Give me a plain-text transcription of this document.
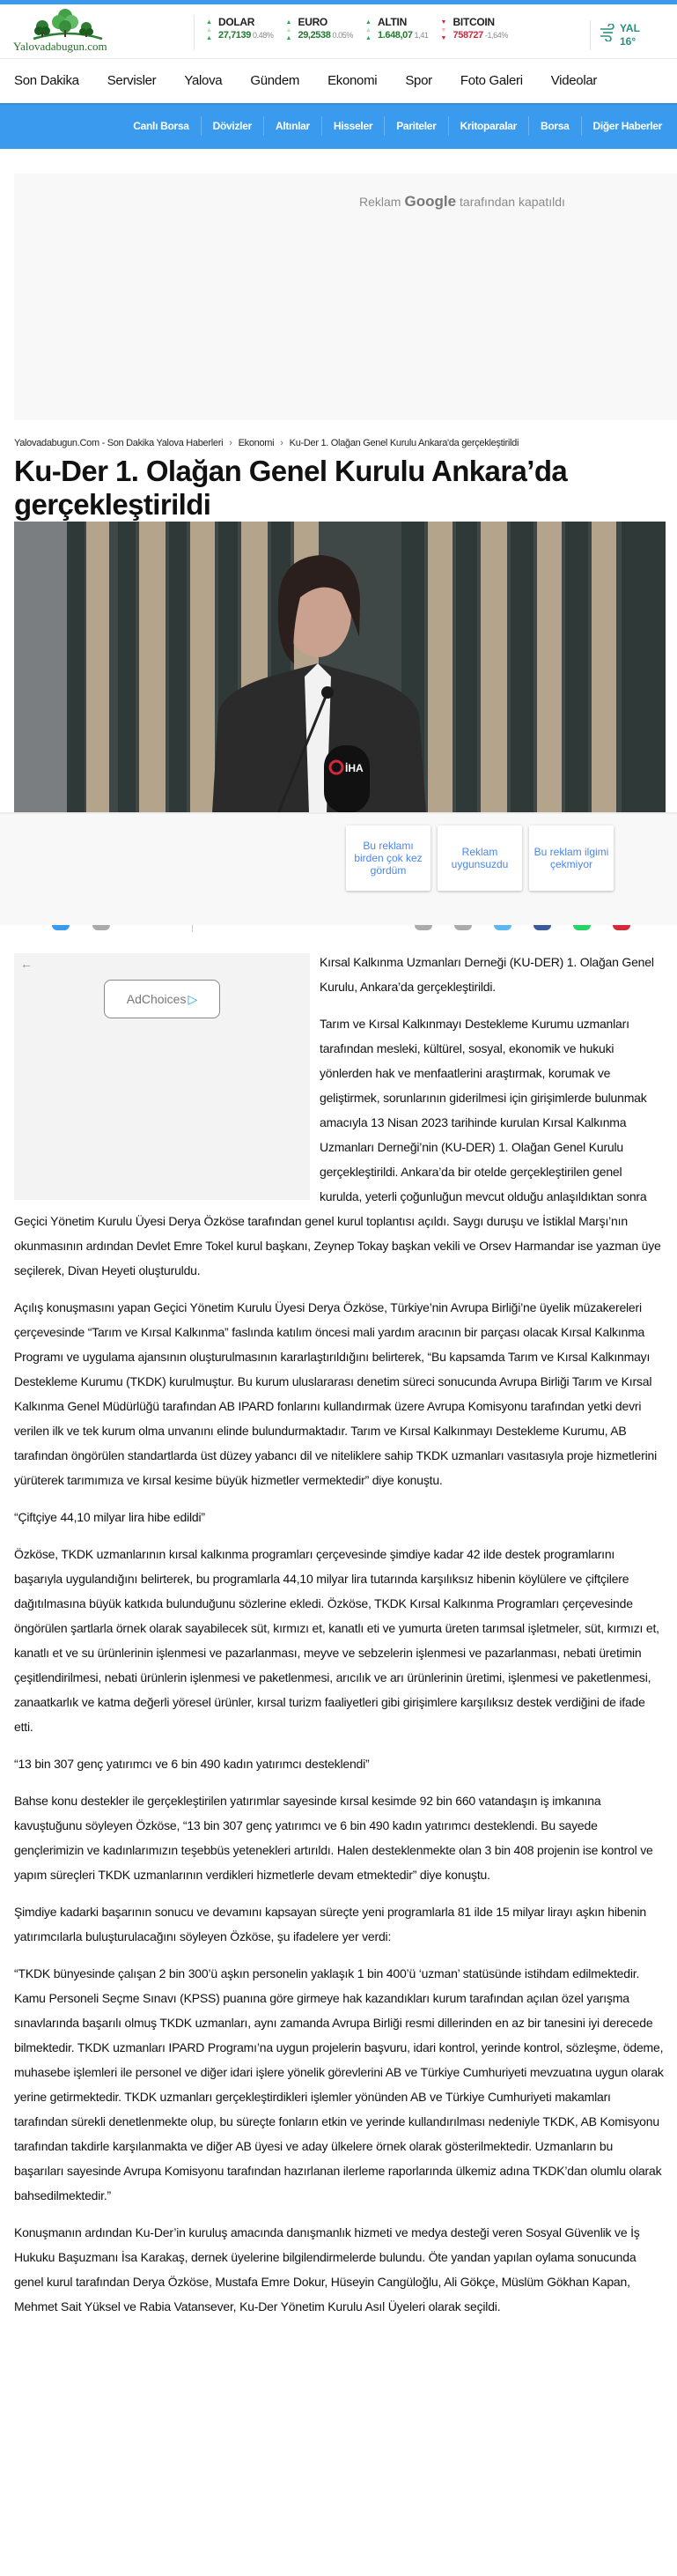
Yalovadabugun.com
▲
▲
▲
DOLAR
27,7139 0.48%
▲
▲
▲
EURO
29,2538 0.05%
▲
▲
▲
ALTIN
1.648,07 1,41
▼
▼
▼
BITCOIN
758727 -1,64%
YAL
16°
Son Dakika Servisler Yalova Gündem Ekonomi Spor Foto Galeri Videolar
Canlı Borsa	Dövizler	Altınlar	Hisseler	Pariteler	Kritoparalar	Borsa	Diğer Haberler
Reklam Google tarafından kapatıldı
Yalovadabugun.Com - Son Dakika Yalova Haberleri › Ekonomi › Ku-Der 1. Olağan Genel Kurulu Ankara'da gerçekleştirildi
Ku-Der 1. Olağan Genel Kurulu Ankara’da gerçekleştirildi
İHA
Bu reklamı birden çok kez gördüm
Reklam uygunsuzdu
Bu reklam ilgimi çekmiyor
←
AdChoices ▷

Kırsal Kalkınma Uzmanları Derneği (KU-DER) 1. Olağan Genel Kurulu, Ankara’da gerçekleştirildi.

Tarım ve Kırsal Kalkınmayı Destekleme Kurumu uzmanları tarafından mesleki, kültürel, sosyal, ekonomik ve hukuki yönlerden hak ve menfaatlerini araştırmak, korumak ve geliştirmek, sorunlarının giderilmesi için girişimlerde bulunmak amacıyla 13 Nisan 2023 tarihinde kurulan Kırsal Kalkınma Uzmanları Derneği’nin (KU-DER) 1. Olağan Genel Kurulu gerçekleştirildi. Ankara’da bir otelde gerçekleştirilen genel kurulda, yeterli çoğunluğun mevcut olduğu anlaşıldıktan sonra Geçici Yönetim Kurulu Üyesi Derya Özköse tarafından genel kurul toplantısı açıldı. Saygı duruşu ve İstiklal Marşı’nın okunmasının ardından Devlet Emre Tokel kurul başkanı, Zeynep Tokay başkan vekili ve Orsev Harmandar ise yazman üye seçilerek, Divan Heyeti oluşturuldu.

Açılış konuşmasını yapan Geçici Yönetim Kurulu Üyesi Derya Özköse, Türkiye’nin Avrupa Birliği’ne üyelik müzakereleri çerçevesinde “Tarım ve Kırsal Kalkınma” faslında katılım öncesi mali yardım aracının bir parçası olacak Kırsal Kalkınma Programı ve uygulama ajansının oluşturulmasının kararlaştırıldığını belirterek, “Bu kapsamda Tarım ve Kırsal Kalkınmayı Destekleme Kurumu (TKDK) kurulmuştur. Bu kurum uluslararası denetim süreci sonucunda Avrupa Birliği Tarım ve Kırsal Kalkınma Genel Müdürlüğü tarafından AB IPARD fonlarını kullandırmak üzere Avrupa Komisyonu tarafından yetki devri verilen ilk ve tek kurum olma unvanını elinde bulundurmaktadır. Tarım ve Kırsal Kalkınmayı Destekleme Kurumu, AB tarafından öngörülen standartlarda üst düzey yabancı dil ve niteliklere sahip TKDK uzmanları vasıtasıyla proje hizmetlerini yürüterek tarımımıza ve kırsal kesime büyük hizmetler vermektedir” diye konuştu.

“Çiftçiye 44,10 milyar lira hibe edildi”

Özköse, TKDK uzmanlarının kırsal kalkınma programları çerçevesinde şimdiye kadar 42 ilde destek programlarını başarıyla uygulandığını belirterek, bu programlarla 44,10 milyar lira tutarında karşılıksız hibenin köylülere ve çiftçilere dağıtılmasına büyük katkıda bulunduğunu sözlerine ekledi. Özköse, TKDK Kırsal Kalkınma Programları çerçevesinde öngörülen şartlarla örnek olarak sayabilecek süt, kırmızı et, kanatlı eti ve yumurta üreten tarımsal işletmeler, süt, kırmızı et, kanatlı et ve su ürünlerinin işlenmesi ve pazarlanması, meyve ve sebzelerin işlenmesi ve pazarlanması, nebati üretimin çeşitlendirilmesi, nebati ürünlerin işlenmesi ve paketlenmesi, arıcılık ve arı ürünlerinin üretimi, işlenmesi ve paketlenmesi, zanaatkarlık ve katma değerli yöresel ürünler, kırsal turizm faaliyetleri gibi girişimlere karşılıksız destek verdiğini de ifade etti.

“13 bin 307 genç yatırımcı ve 6 bin 490 kadın yatırımcı desteklendi”

Bahse konu destekler ile gerçekleştirilen yatırımlar sayesinde kırsal kesimde 92 bin 660 vatandaşın iş imkanına kavuştuğunu söyleyen Özköse, “13 bin 307 genç yatırımcı ve 6 bin 490 kadın yatırımcı desteklendi. Bu sayede gençlerimizin ve kadınlarımızın teşebbüs yetenekleri artırıldı. Halen desteklenmekte olan 3 bin 408 projenin ise kontrol ve yapım süreçleri TKDK uzmanlarının verdikleri hizmetlerle devam etmektedir” diye konuştu.

Şimdiye kadarki başarının sonucu ve devamını kapsayan süreçte yeni programlarla 81 ilde 15 milyar lirayı aşkın hibenin yatırımcılarla buluşturulacağını söyleyen Özköse, şu ifadelere yer verdi:

“TKDK bünyesinde çalışan 2 bin 300’ü aşkın personelin yaklaşık 1 bin 400’ü ‘uzman’ statüsünde istihdam edilmektedir. Kamu Personeli Seçme Sınavı (KPSS) puanına göre girmeye hak kazandıkları kurum tarafından açılan özel yarışma sınavlarında başarılı olmuş TKDK uzmanları, aynı zamanda Avrupa Birliği resmi dillerinden en az bir tanesini iyi derecede bilmektedir. TKDK uzmanları IPARD Programı’na uygun projelerin başvuru, idari kontrol, yerinde kontrol, sözleşme, ödeme, muhasebe işlemleri ile personel ve diğer idari işlere yönelik görevlerini AB ve Türkiye Cumhuriyeti mevzuatına uygun olarak yerine getirmektedir. TKDK uzmanları gerçekleştirdikleri işlemler yönünden AB ve Türkiye Cumhuriyeti makamları tarafından sürekli denetlenmekte olup, bu süreçte fonların etkin ve yerinde kullandırılması nedeniyle TKDK, AB Komisyonu tarafından takdirle karşılanmakta ve diğer AB üyesi ve aday ülkelere örnek olarak gösterilmektedir. Uzmanların bu başarıları sayesinde Avrupa Komisyonu tarafından hazırlanan ilerleme raporlarında ülkemiz adına TKDK’dan olumlu olarak bahsedilmektedir.”

Konuşmanın ardından Ku-Der’in kuruluş amacında danışmanlık hizmeti ve medya desteği veren Sosyal Güvenlik ve İş Hukuku Başuzmanı İsa Karakaş, dernek üyelerine bilgilendirmelerde bulundu. Öte yandan yapılan oylama sonucunda genel kurul tarafından Derya Özköse, Mustafa Emre Dokur, Hüseyin Cangüloğlu, Ali Gökçe, Müslüm Gökhan Kapan, Mehmet Sait Yüksel ve Rabia Vatansever, Ku-Der Yönetim Kurulu Asıl Üyeleri olarak seçildi.
